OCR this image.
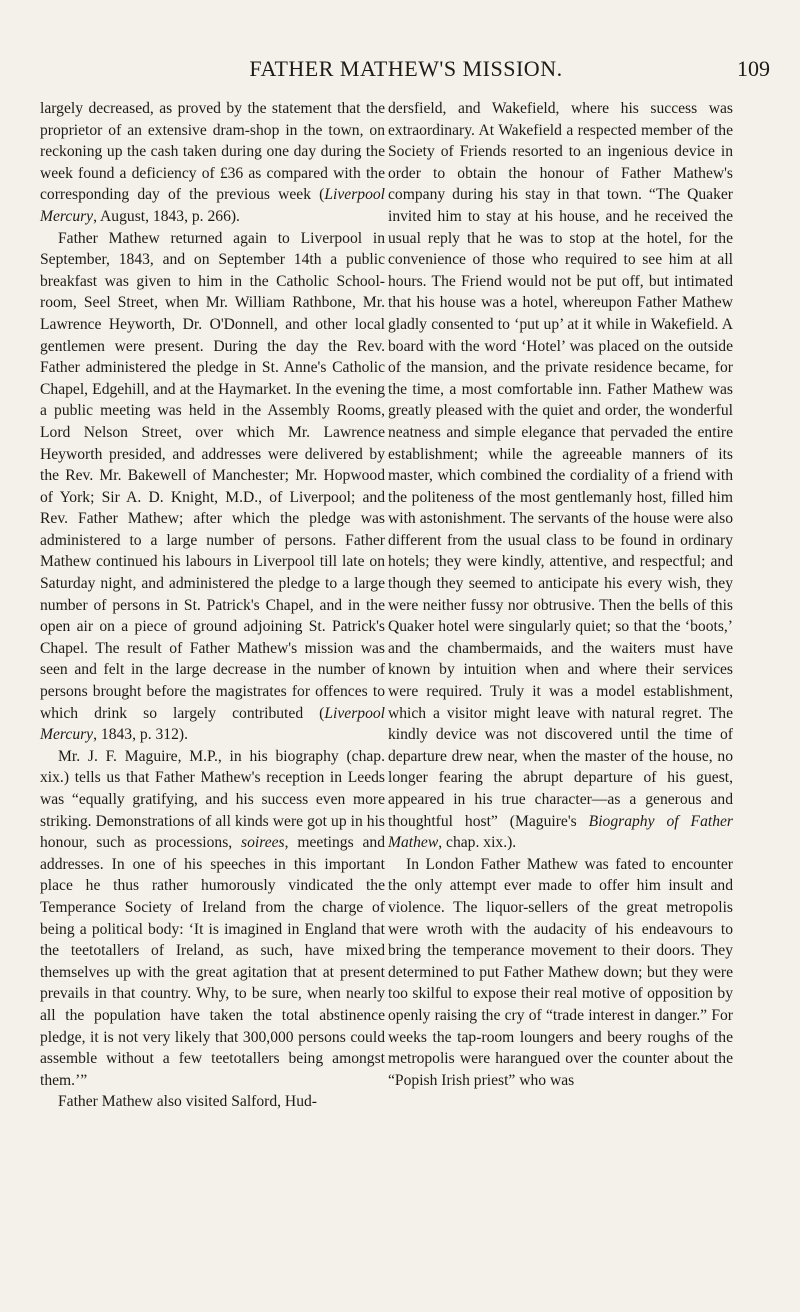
FATHER MATHEW'S MISSION.	109

largely decreased, as proved by the statement that the proprietor of an extensive dram-shop in the town, on reckoning up the cash taken during one day during the week found a deficiency of £36 as compared with the corresponding day of the previous week (Liverpool Mercury, August, 1843, p. 266).

Father Mathew returned again to Liverpool in September, 1843, and on September 14th a public breakfast was given to him in the Catholic School-room, Seel Street, when Mr. William Rathbone, Mr. Lawrence Heyworth, Dr. O'Donnell, and other local gentlemen were present. During the day the Rev. Father administered the pledge in St. Anne's Catholic Chapel, Edgehill, and at the Haymarket. In the evening a public meeting was held in the Assembly Rooms, Lord Nelson Street, over which Mr. Lawrence Heyworth presided, and addresses were delivered by the Rev. Mr. Bakewell of Manchester; Mr. Hopwood of York; Sir A. D. Knight, M.D., of Liverpool; and Rev. Father Mathew; after which the pledge was administered to a large number of persons. Father Mathew continued his labours in Liverpool till late on Saturday night, and administered the pledge to a large number of persons in St. Patrick's Chapel, and in the open air on a piece of ground adjoining St. Patrick's Chapel. The result of Father Mathew's mission was seen and felt in the large decrease in the number of persons brought before the magistrates for offences to which drink so largely contributed (Liverpool Mercury, 1843, p. 312).

Mr. J. F. Maguire, M.P., in his biography (chap. xix.) tells us that Father Mathew's reception in Leeds was “equally gratifying, and his success even more striking. Demonstrations of all kinds were got up in his honour, such as processions, soirees, meetings and addresses. In one of his speeches in this important place he thus rather humorously vindicated the Temperance Society of Ireland from the charge of being a political body: ‘It is imagined in England that the teetotallers of Ireland, as such, have mixed themselves up with the great agitation that at present prevails in that country. Why, to be sure, when nearly all the population have taken the total abstinence pledge, it is not very likely that 300,000 persons could assemble without a few teetotallers being amongst them.’”

Father Mathew also visited Salford, Hud-

dersfield, and Wakefield, where his success was extraordinary. At Wakefield a respected member of the Society of Friends resorted to an ingenious device in order to obtain the honour of Father Mathew's company during his stay in that town. “The Quaker invited him to stay at his house, and he received the usual reply that he was to stop at the hotel, for the convenience of those who required to see him at all hours. The Friend would not be put off, but intimated that his house was a hotel, whereupon Father Mathew gladly consented to ‘put up’ at it while in Wakefield. A board with the word ‘Hotel’ was placed on the outside of the mansion, and the private residence became, for the time, a most comfortable inn. Father Mathew was greatly pleased with the quiet and order, the wonderful neatness and simple elegance that pervaded the entire establishment; while the agreeable manners of its master, which combined the cordiality of a friend with the politeness of the most gentlemanly host, filled him with astonishment. The servants of the house were also different from the usual class to be found in ordinary hotels; they were kindly, attentive, and respectful; and though they seemed to anticipate his every wish, they were neither fussy nor obtrusive. Then the bells of this Quaker hotel were singularly quiet; so that the ‘boots,’ and the chambermaids, and the waiters must have known by intuition when and where their services were required. Truly it was a model establishment, which a visitor might leave with natural regret. The kindly device was not discovered until the time of departure drew near, when the master of the house, no longer fearing the abrupt departure of his guest, appeared in his true character—as a generous and thoughtful host” (Maguire's Biography of Father Mathew, chap. xix.).

In London Father Mathew was fated to encounter the only attempt ever made to offer him insult and violence. The liquor-sellers of the great metropolis were wroth with the audacity of his endeavours to bring the temperance movement to their doors. They determined to put Father Mathew down; but they were too skilful to expose their real motive of opposition by openly raising the cry of “trade interest in danger.” For weeks the tap-room loungers and beery roughs of the metropolis were harangued over the counter about the “Popish Irish priest” who was
